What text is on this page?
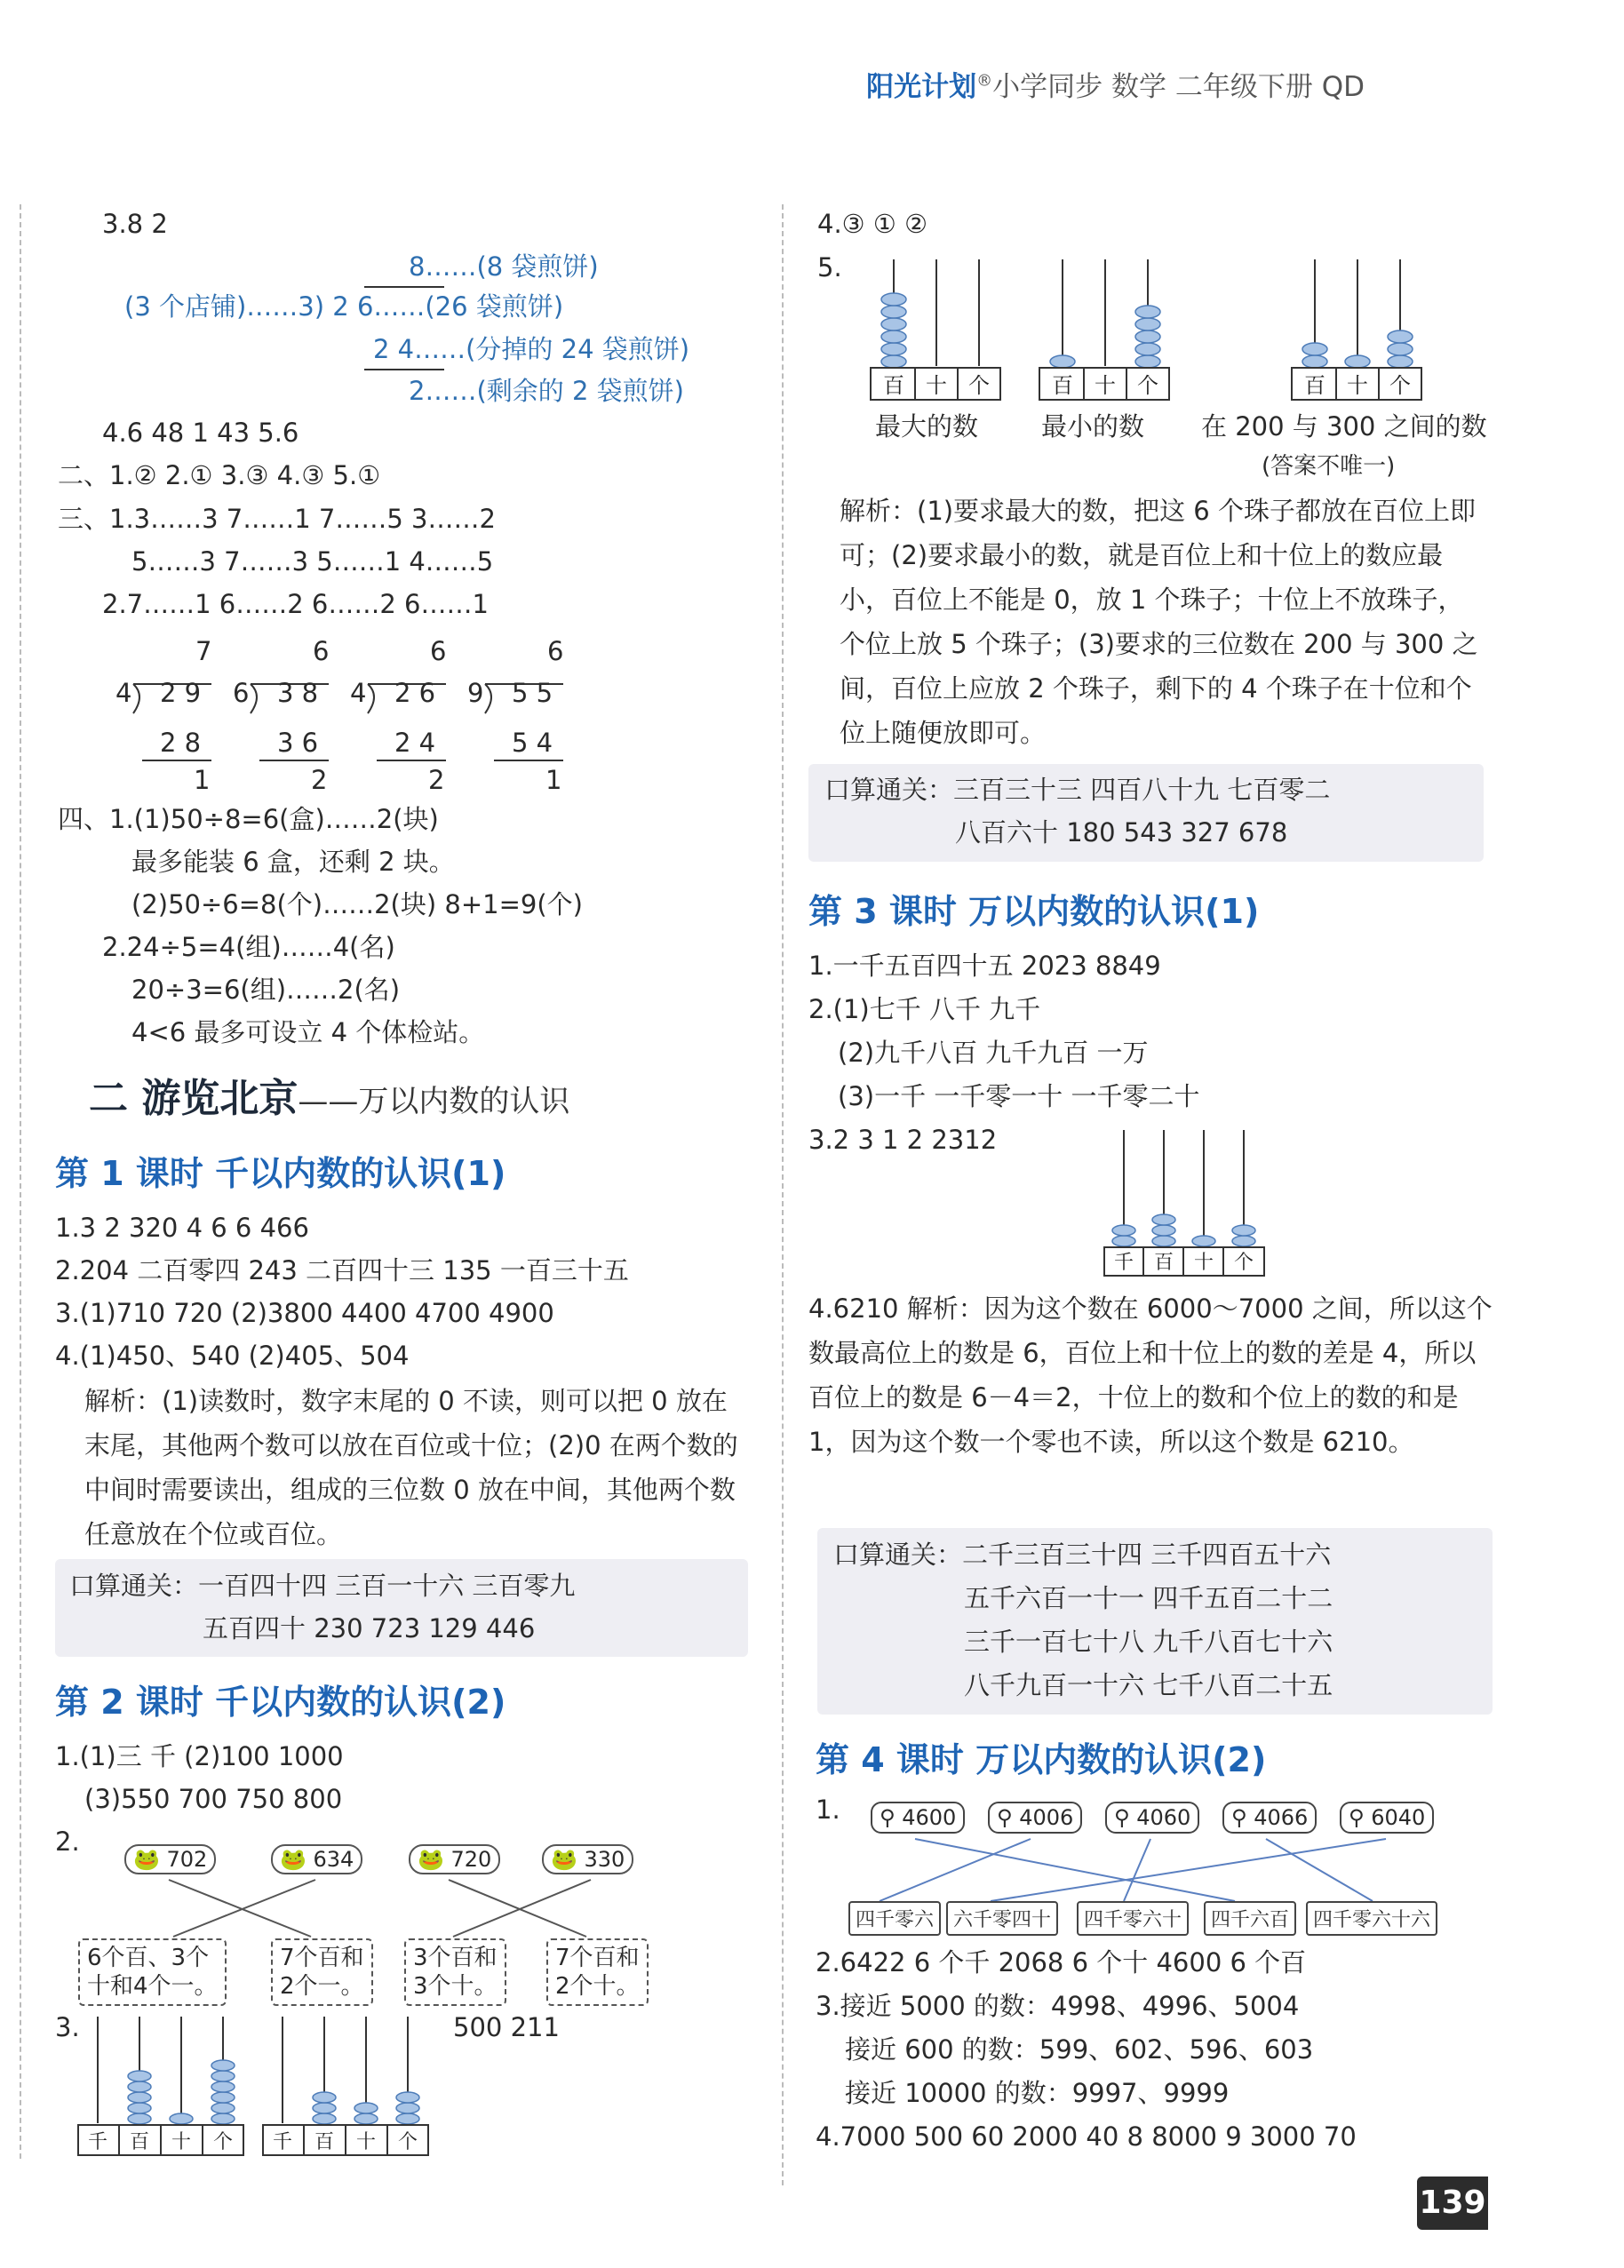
阳光计划®小学同步 数学 二年级下册 QD
3.8 2
8……(8 袋煎饼)
(3 个店铺)……3) 2 6……(26 袋煎饼)
2 4……(分掉的 24 袋煎饼)
2……(剩余的 2 袋煎饼)
4.6 48 1 43 5.6
二、1.② 2.① 3.③ 4.③ 5.①
三、1.3……3 7……1 7……5 3……2
5……3 7……3 5……1 4……5
2.7……1 6……2 6……2 6……1
7
4 2 9
2 8
1
6
6 3 8
3 6
2
6
4 2 6
2 4
2
6
9 5 5
5 4
1
四、1.(1)50÷8=6(盒)……2(块)
最多能装 6 盒，还剩 2 块。
(2)50÷6=8(个)……2(块) 8+1=9(个)
2.24÷5=4(组)……4(名)
20÷3=6(组)……2(名)
4<6 最多可设立 4 个体检站。
二 游览北京——万以内数的认识
第 1 课时 千以内数的认识(1)
1.3 2 320 4 6 6 466
2.204 二百零四 243 二百四十三 135 一百三十五
3.(1)710 720 (2)3800 4400 4700 4900
4.(1)450、540 (2)405、504
解析：(1)读数时，数字末尾的 0 不读，则可以把 0 放在末尾，其他两个数可以放在百位或十位；(2)0 在两个数的中间时需要读出，组成的三位数 0 放在中间，其他两个数任意放在个位或百位。
口算通关：一百四十四 三百一十六 三百零九
五百四十 230 723 129 446
第 2 课时 千以内数的认识(2)
1.(1)三 千 (2)100 1000
(3)550 700 750 800
2.
🐸 702	🐸 634	🐸 720	🐸 330
6个百、3个
十和4个一。
7个百和
2个一。
3个百和
3个十。
7个百和
2个十。
3.	500 211
千 百 十 个 千 百 十 个
4.③ ① ②
5.
百 十 个	百 十 个	百 十 个
最大的数 最小的数 在 200 与 300 之间的数
(答案不唯一)
解析：(1)要求最大的数，把这 6 个珠子都放在百位上即可；(2)要求最小的数，就是百位上和十位上的数应最小，百位上不能是 0，放 1 个珠子；十位上不放珠子，个位上放 5 个珠子；(3)要求的三位数在 200 与 300 之间，百位上应放 2 个珠子，剩下的 4 个珠子在十位和个位上随便放即可。
口算通关：三百三十三 四百八十九 七百零二
八百六十 180 543 327 678
第 3 课时 万以内数的认识(1)
1.一千五百四十五 2023 8849
2.(1)七千 八千 九千
(2)九千八百 九千九百 一万
(3)一千 一千零一十 一千零二十
3.2 3 1 2 2312
千 百 十 个
4.6210 解析：因为这个数在 6000～7000 之间，所以这个数最高位上的数是 6，百位上和十位上的数的差是 4，所以百位上的数是 6－4＝2，十位上的数和个位上的数的和是 1，因为这个数一个零也不读，所以这个数是 6210。
口算通关：二千三百三十四 三千四百五十六
五千六百一十一 四千五百二十二
三千一百七十八 九千八百七十六
八千九百一十六 七千八百二十五
第 4 课时 万以内数的认识(2)
1.	⚲ 4600	⚲ 4006	⚲ 4060	⚲ 4066	⚲ 6040
四千零六 六千零四十	四千零六十	四千六百	四千零六十六
2.6422 6 个千 2068 6 个十 4600 6 个百
3.接近 5000 的数：4998、4996、5004
接近 600 的数：599、602、596、603
接近 10000 的数：9997、9999
4.7000 500 60 2000 40 8 8000 9 3000 70
139
